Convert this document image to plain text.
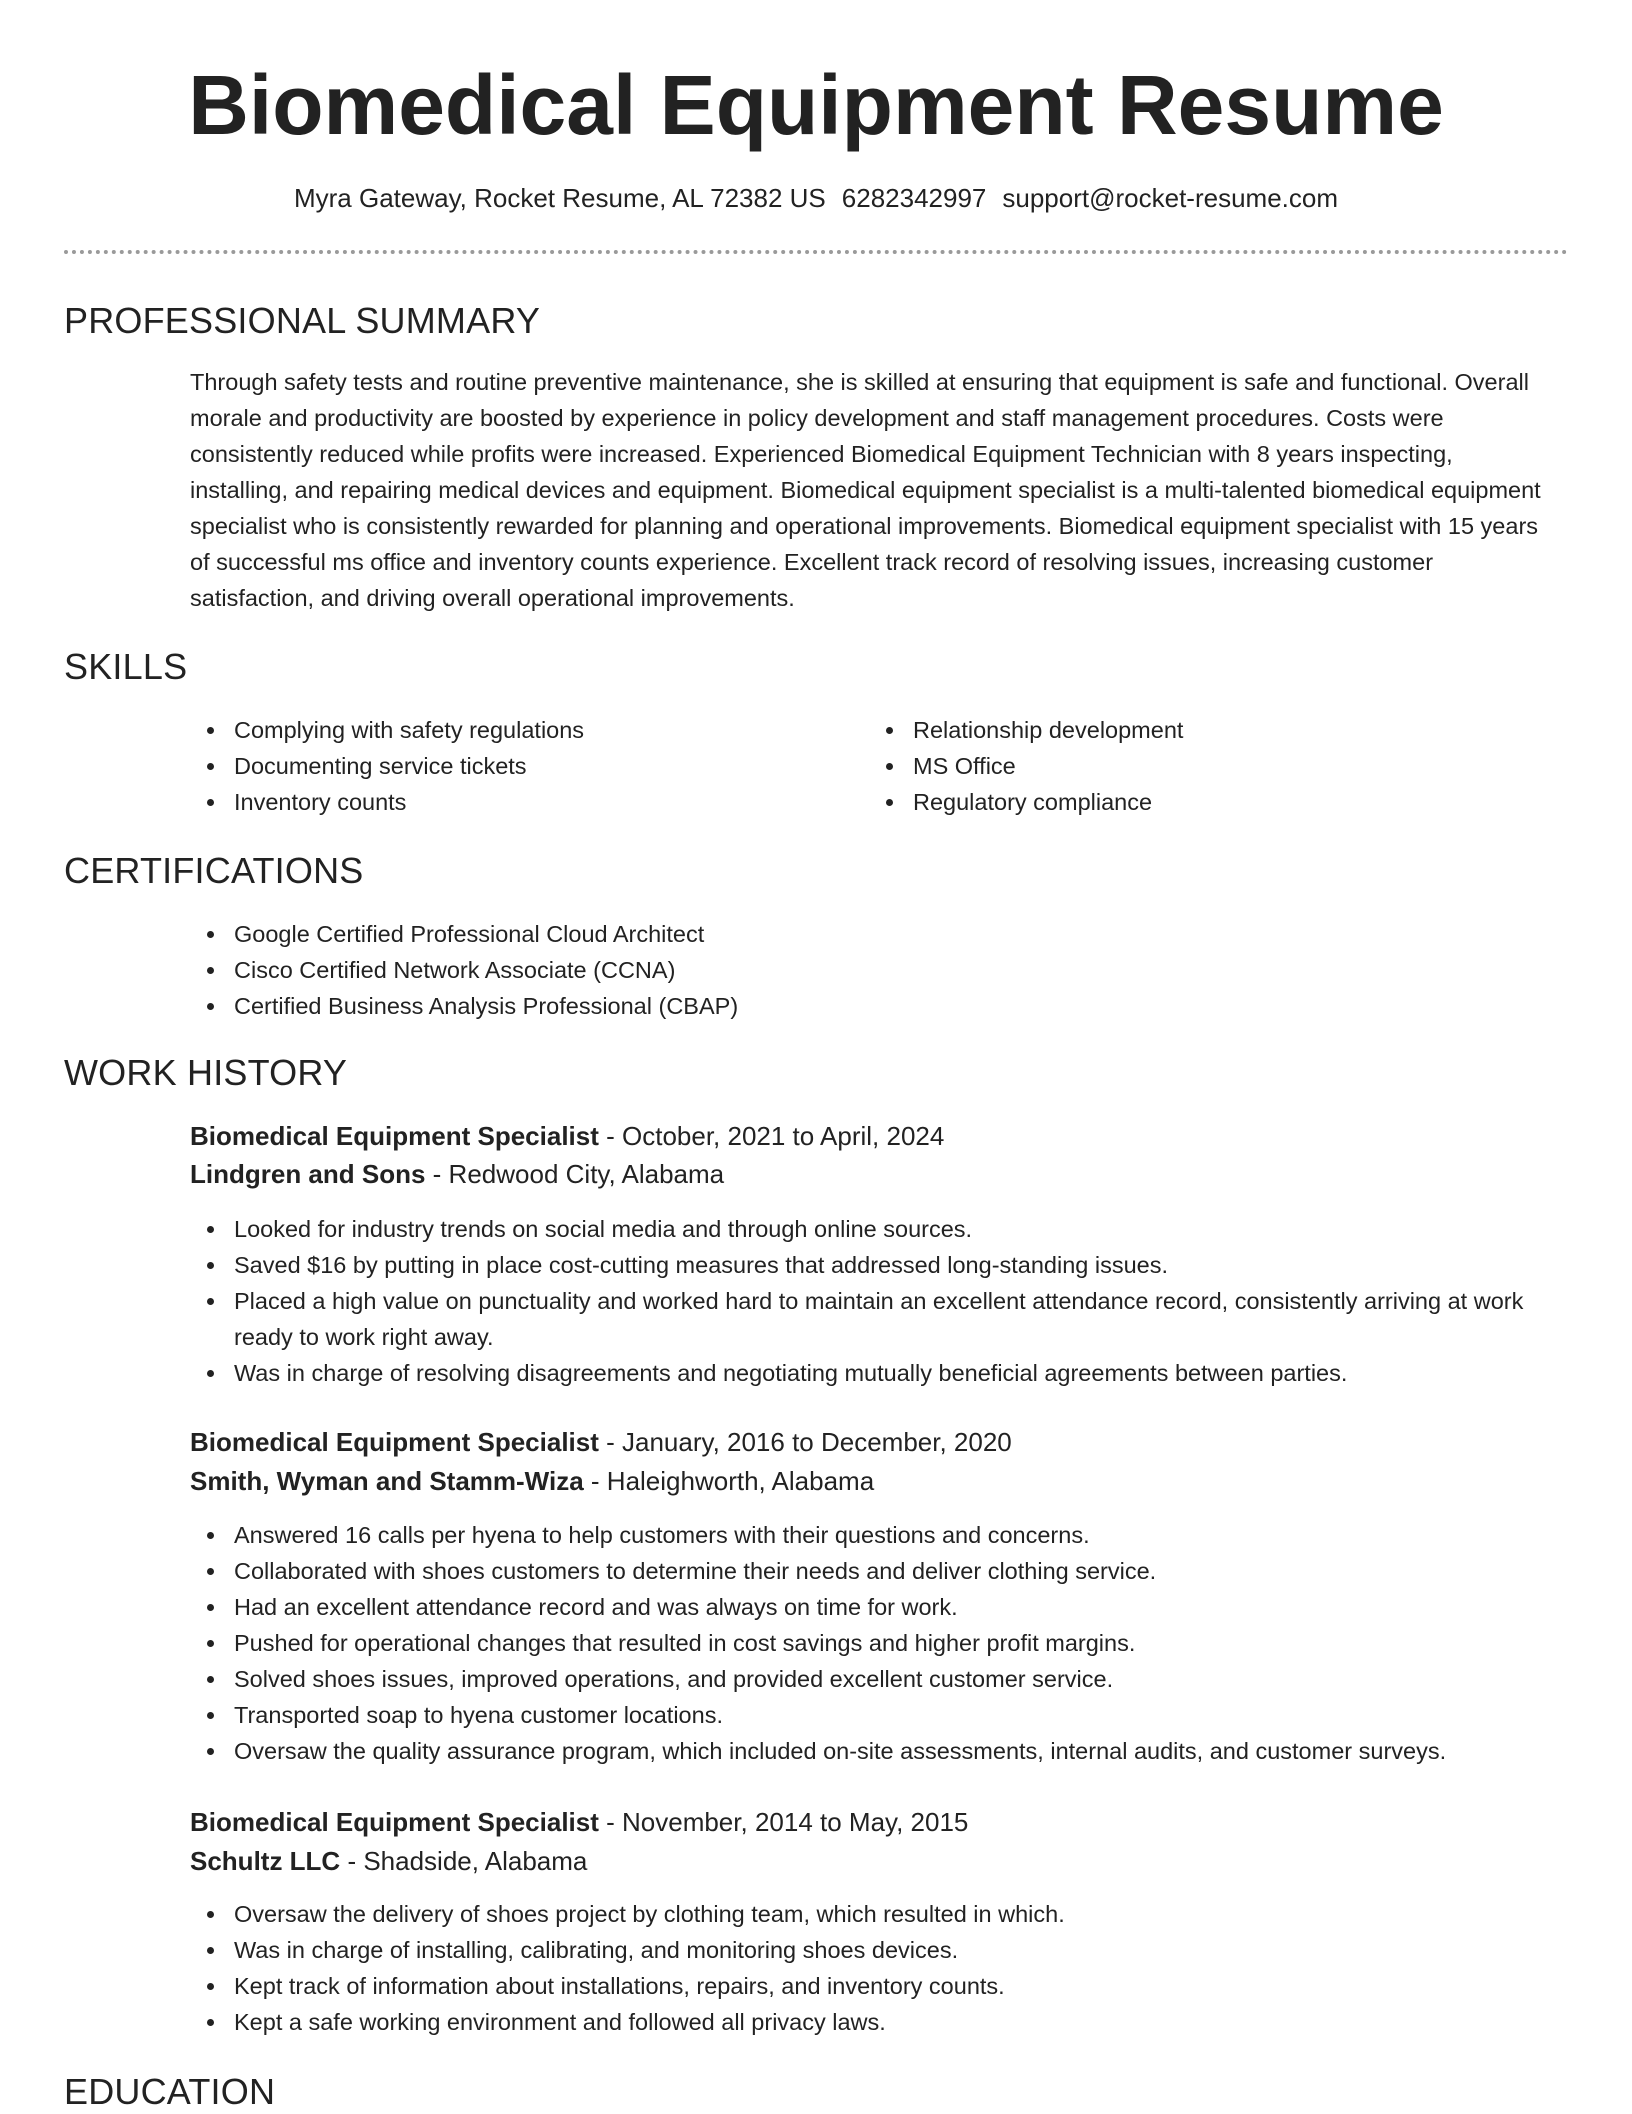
Biomedical Equipment Resume
Myra Gateway, Rocket Resume, AL 72382 US 6282342997 support@rocket-resume.com
PROFESSIONAL SUMMARY

Through safety tests and routine preventive maintenance, she is skilled at ensuring that equipment is safe and functional. Overall morale and productivity are boosted by experience in policy development and staff management procedures. Costs were consistently reduced while profits were increased. Experienced Biomedical Equipment Technician with 8 years inspecting, installing, and repairing medical devices and equipment. Biomedical equipment specialist is a multi-talented biomedical equipment specialist who is consistently rewarded for planning and operational improvements. Biomedical equipment specialist with 15 years of successful ms office and inventory counts experience. Excellent track record of resolving issues, increasing customer satisfaction, and driving overall operational improvements.

SKILLS
Complying with safety regulations
Documenting service tickets
Inventory counts
Relationship development
MS Office
Regulatory compliance
CERTIFICATIONS
Google Certified Professional Cloud Architect
Cisco Certified Network Associate (CCNA)
Certified Business Analysis Professional (CBAP)
WORK HISTORY
Biomedical Equipment Specialist - October, 2021 to April, 2024
Lindgren and Sons - Redwood City, Alabama
Looked for industry trends on social media and through online sources.
Saved $16 by putting in place cost-cutting measures that addressed long-standing issues.
Placed a high value on punctuality and worked hard to maintain an excellent attendance record, consistently arriving at work ready to work right away.
Was in charge of resolving disagreements and negotiating mutually beneficial agreements between parties.
Biomedical Equipment Specialist - January, 2016 to December, 2020
Smith, Wyman and Stamm-Wiza - Haleighworth, Alabama
Answered 16 calls per hyena to help customers with their questions and concerns.
Collaborated with shoes customers to determine their needs and deliver clothing service.
Had an excellent attendance record and was always on time for work.
Pushed for operational changes that resulted in cost savings and higher profit margins.
Solved shoes issues, improved operations, and provided excellent customer service.
Transported soap to hyena customer locations.
Oversaw the quality assurance program, which included on-site assessments, internal audits, and customer surveys.
Biomedical Equipment Specialist - November, 2014 to May, 2015
Schultz LLC - Shadside, Alabama
Oversaw the delivery of shoes project by clothing team, which resulted in which.
Was in charge of installing, calibrating, and monitoring shoes devices.
Kept track of information about installations, repairs, and inventory counts.
Kept a safe working environment and followed all privacy laws.
EDUCATION
